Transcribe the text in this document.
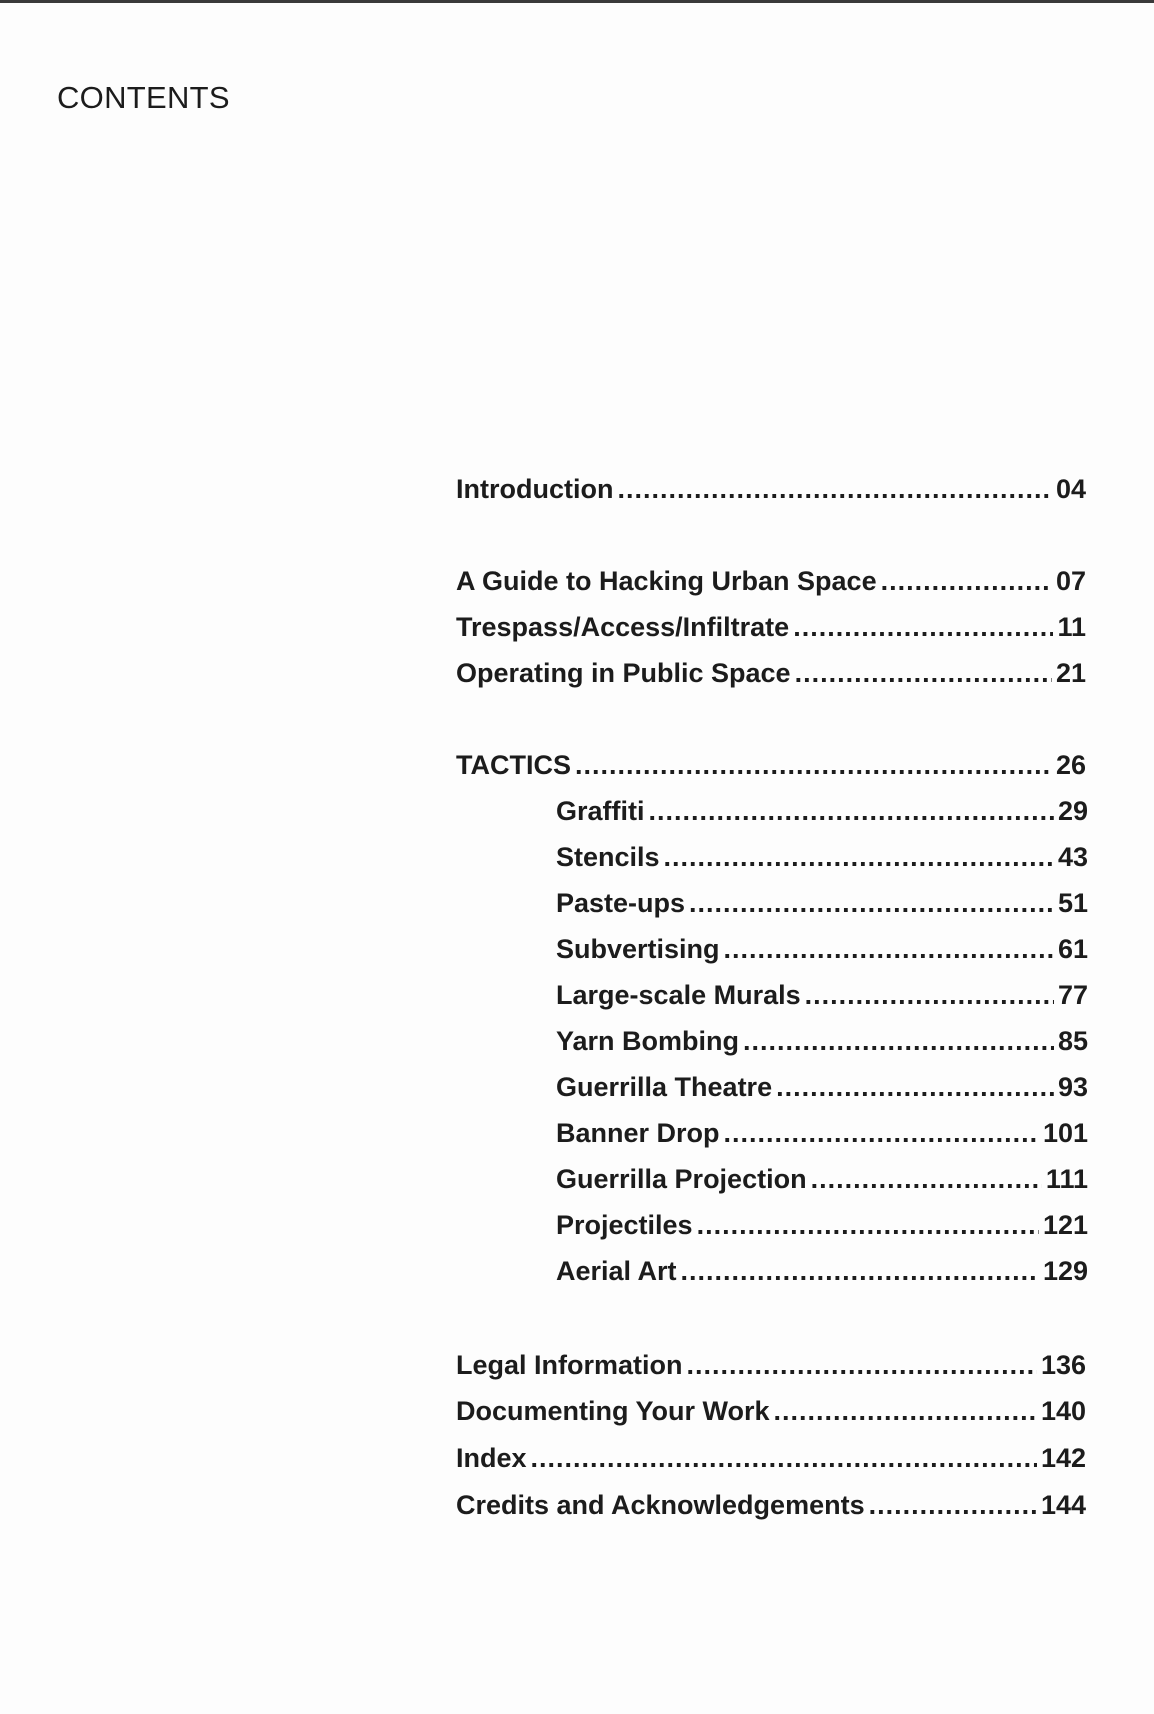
CONTENTS
Introduction .....	04
A Guide to Hacking Urban Space .....	07
Trespass/Access/Infiltrate .....	11
Operating in Public Space .....	21
TACTICS .....	26
Graffiti .....	29
Stencils .....	43
Paste-ups .....	51
Subvertising .....	61
Large-scale Murals .....	77
Yarn Bombing .....	85
Guerrilla Theatre .....	93
Banner Drop .....	101
Guerrilla Projection .....	111
Projectiles .....	121
Aerial Art .....	129
Legal Information .....	136
Documenting Your Work .....	140
Index .....	142
Credits and Acknowledgements .....	144
